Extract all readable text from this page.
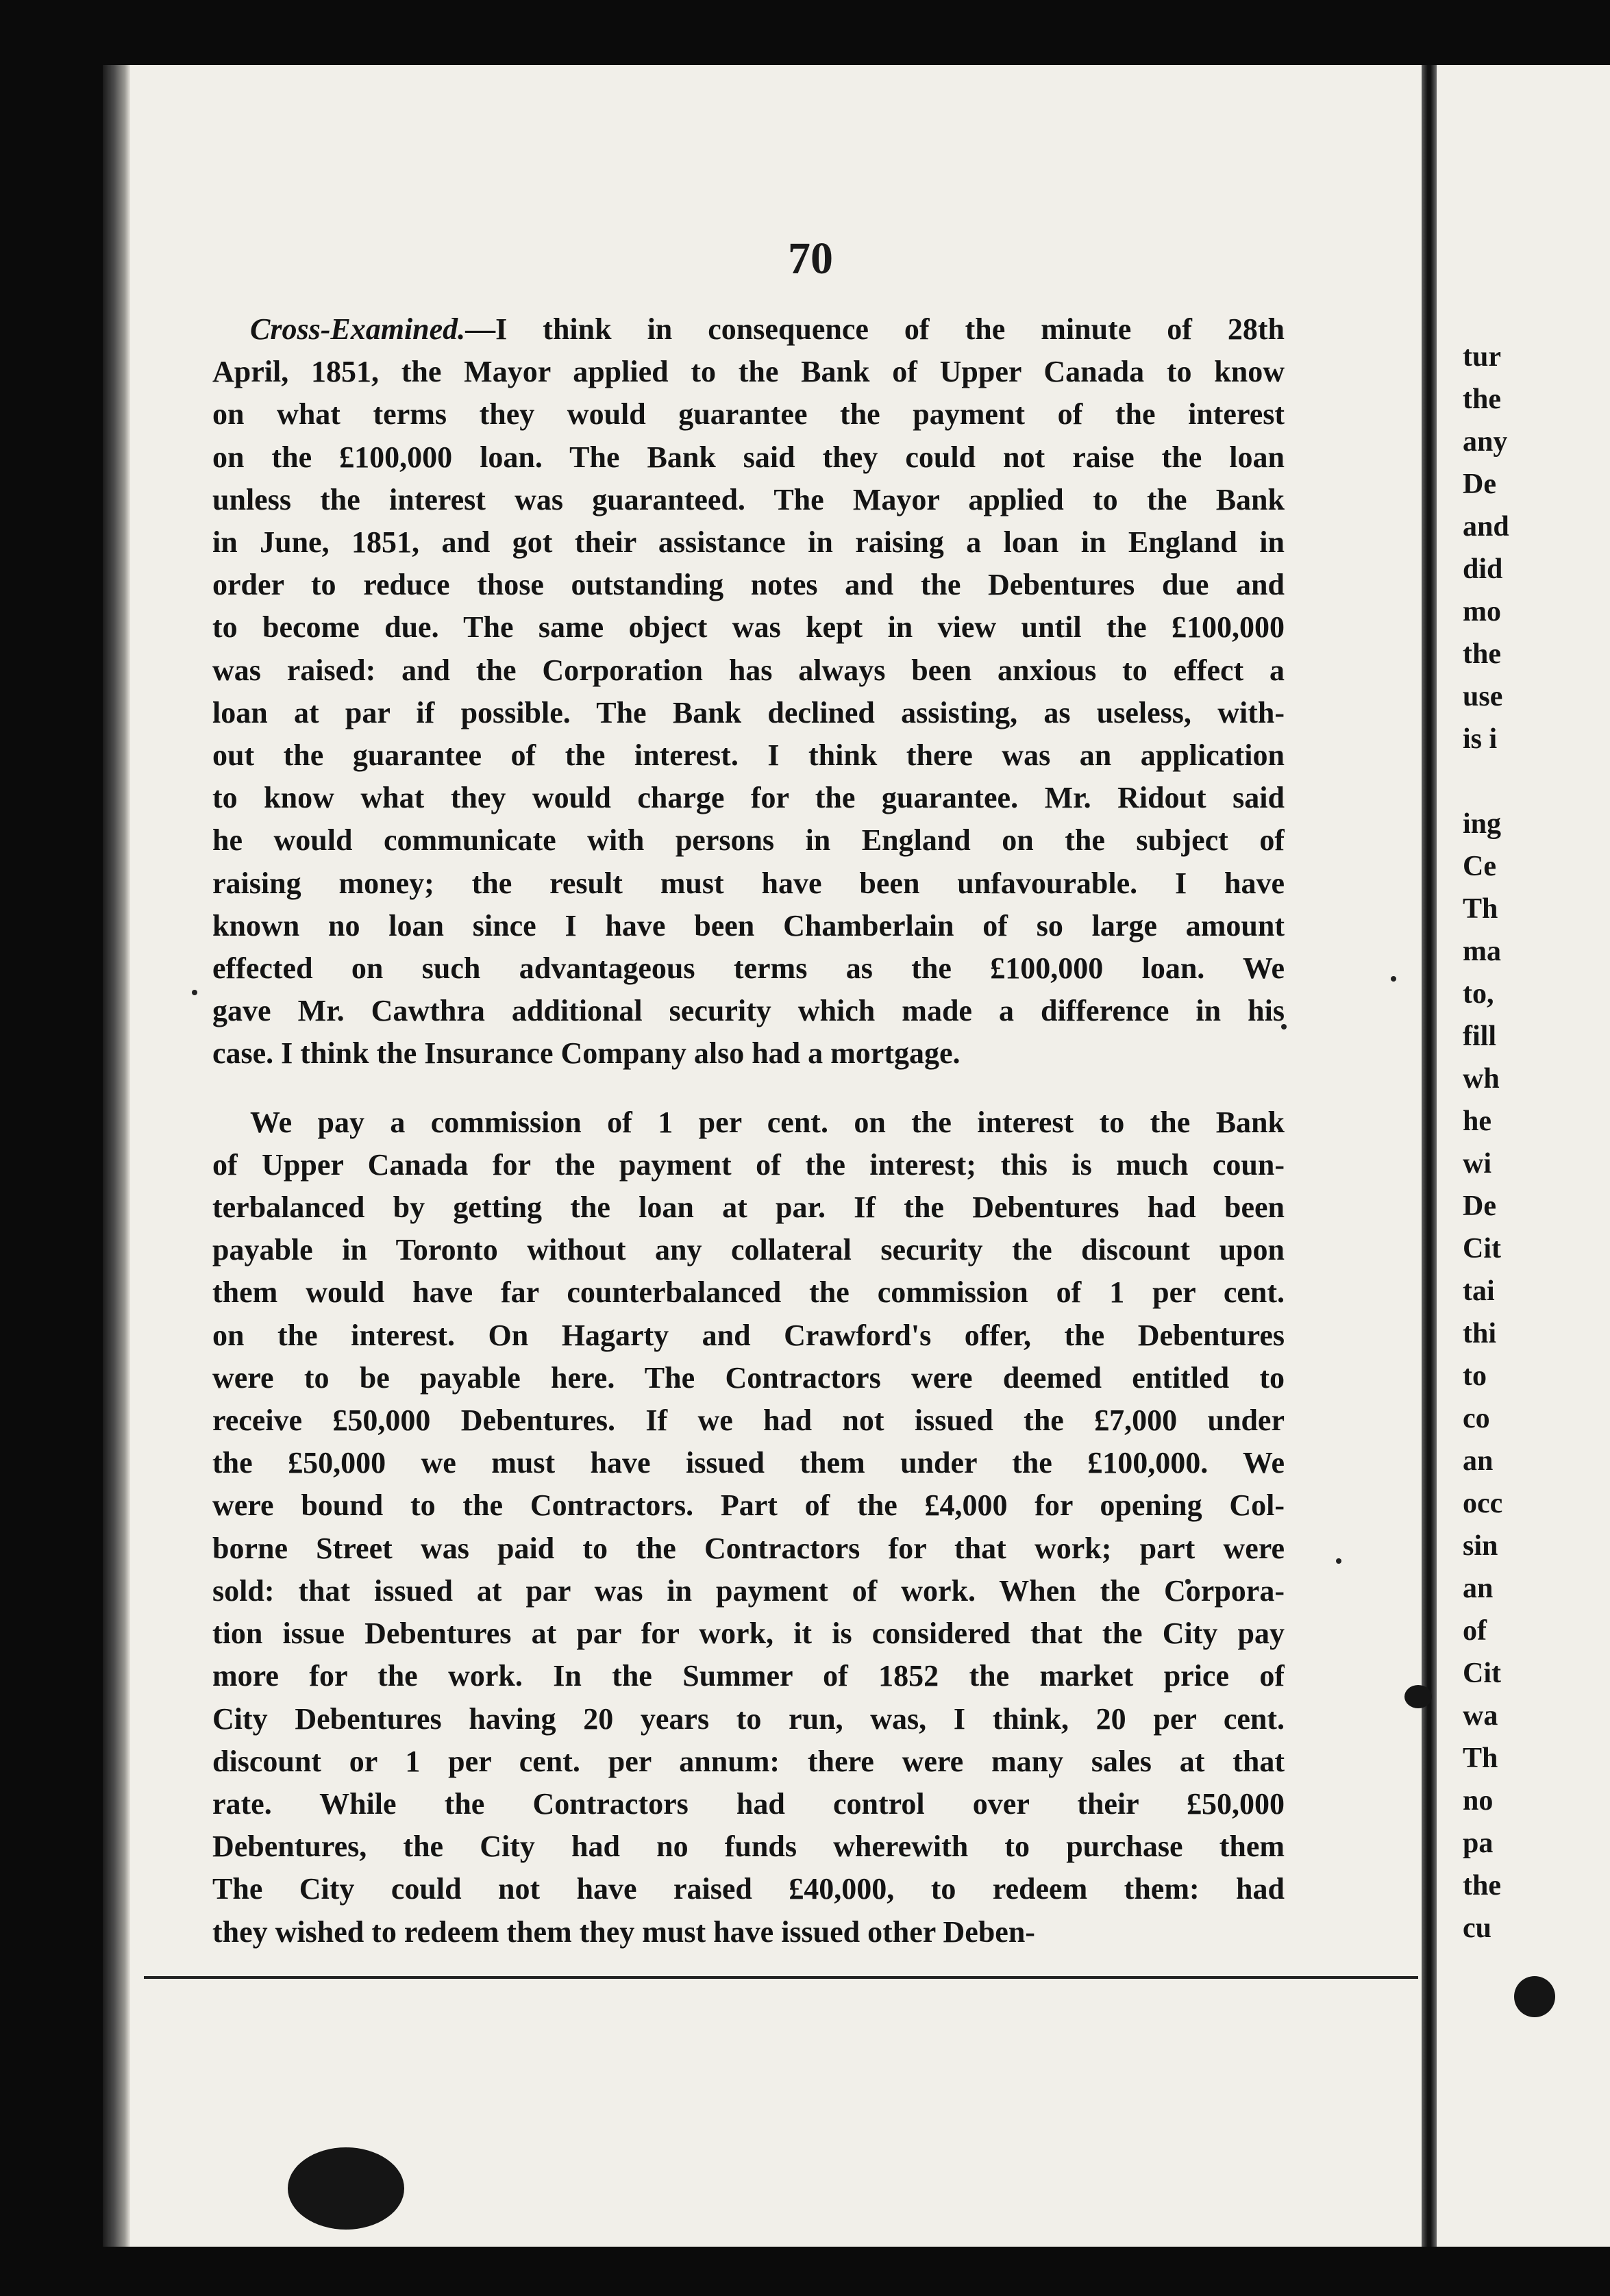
70
tur
the
any
De
and
did
mo
the
use
is i

ing
Ce
Th
ma
to,
fill
wh
he
wi
De
Cit
tai
thi
to
co
an
occ
sin
an
of
Cit
wa
Th
no
pa
the
cu
Cross-Examined.—I think in consequence of the minute of 28th
April, 1851, the Mayor applied to the Bank of Upper Canada to know
on what terms they would guarantee the payment of the interest
on the £100,000 loan. The Bank said they could not raise the loan
unless the interest was guaranteed. The Mayor applied to the Bank
in June, 1851, and got their assistance in raising a loan in England in
order to reduce those outstanding notes and the Debentures due and
to become due. The same object was kept in view until the £100,000
was raised: and the Corporation has always been anxious to effect a
loan at par if possible. The Bank declined assisting, as useless, with-
out the guarantee of the interest. I think there was an application
to know what they would charge for the guarantee. Mr. Ridout said
he would communicate with persons in England on the subject of
raising money; the result must have been unfavourable. I have
known no loan since I have been Chamberlain of so large amount
effected on such advantageous terms as the £100,000 loan. We
gave Mr. Cawthra additional security which made a difference in his
case. I think the Insurance Company also had a mortgage.
We pay a commission of 1 per cent. on the interest to the Bank
of Upper Canada for the payment of the interest; this is much coun-
terbalanced by getting the loan at par. If the Debentures had been
payable in Toronto without any collateral security the discount upon
them would have far counterbalanced the commission of 1 per cent.
on the interest. On Hagarty and Crawford's offer, the Debentures
were to be payable here. The Contractors were deemed entitled to
receive £50,000 Debentures. If we had not issued the £7,000 under
the £50,000 we must have issued them under the £100,000. We
were bound to the Contractors. Part of the £4,000 for opening Col-
borne Street was paid to the Contractors for that work; part were
sold: that issued at par was in payment of work. When the Corpora-
tion issue Debentures at par for work, it is considered that the City pay
more for the work. In the Summer of 1852 the market price of
City Debentures having 20 years to run, was, I think, 20 per cent.
discount or 1 per cent. per annum: there were many sales at that
rate. While the Contractors had control over their £50,000
Debentures, the City had no funds wherewith to purchase them
The City could not have raised £40,000, to redeem them: had
they wished to redeem them they must have issued other Deben-
